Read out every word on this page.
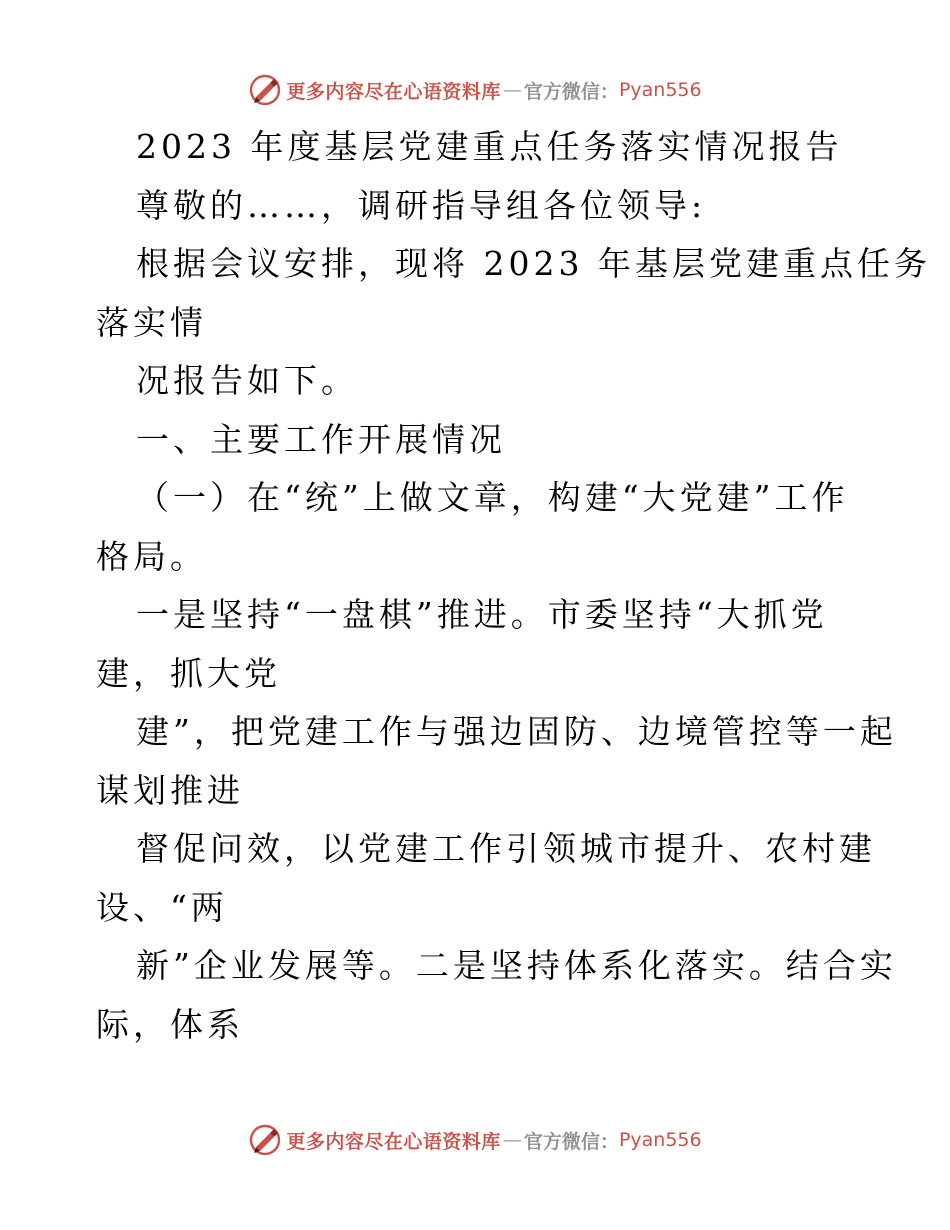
更多内容尽在心语资料库 — 官方微信： Pyan556
2023 年度基层党建重点任务落实情况报告
尊敬的……，调研指导组各位领导:
根据会议安排，现将 2023 年基层党建重点任务
落实情
况报告如下。
一、主要工作开展情况
（一）在“统”上做文章，构建“大党建”工作
格局。
一是坚持“一盘棋”推进。市委坚持“大抓党
建，抓大党
建”，把党建工作与强边固防、边境管控等一起
谋划推进
督促问效，以党建工作引领城市提升、农村建
设、“两
新”企业发展等。二是坚持体系化落实。结合实
际，体系
更多内容尽在心语资料库 — 官方微信： Pyan556
